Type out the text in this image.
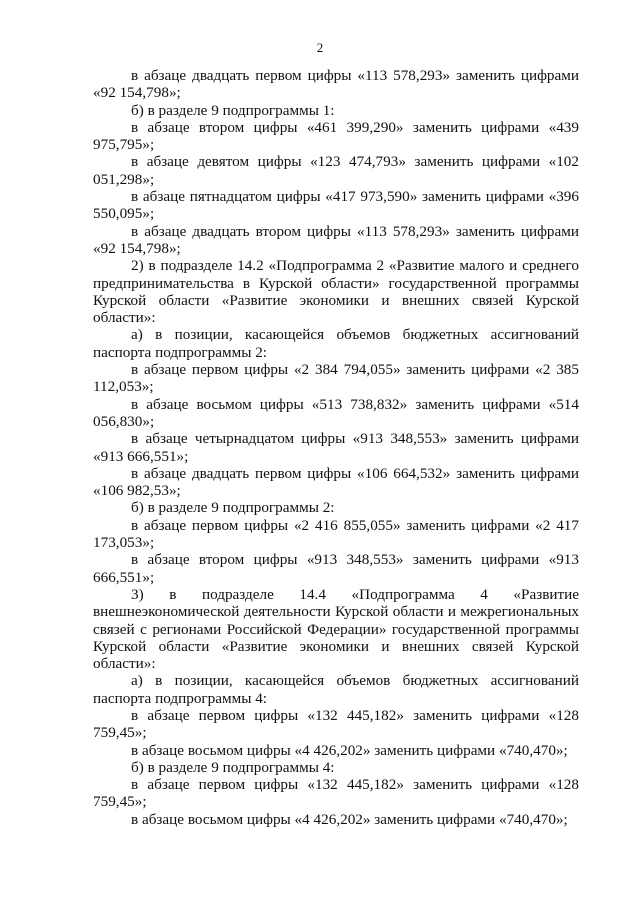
2

в абзаце двадцать первом цифры «113 578,293» заменить цифрами «92 154,798»;

б) в разделе 9 подпрограммы 1:

в абзаце втором цифры «461 399,290» заменить цифрами «439 975,795»;

в абзаце девятом цифры «123 474,793» заменить цифрами «102 051,298»;

в абзаце пятнадцатом цифры «417 973,590» заменить цифрами «396 550,095»;

в абзаце двадцать втором цифры «113 578,293» заменить цифрами «92 154,798»;

2) в подразделе 14.2 «Подпрограмма 2 «Развитие малого и среднего предпринимательства в Курской области» государственной программы Курской области «Развитие экономики и внешних связей Курской области»:

а) в позиции, касающейся объемов бюджетных ассигнований паспорта подпрограммы 2:

в абзаце первом цифры «2 384 794,055» заменить цифрами «2 385 112,053»;

в абзаце восьмом цифры «513 738,832» заменить цифрами «514 056,830»;

в абзаце четырнадцатом цифры «913 348,553» заменить цифрами «913 666,551»;

в абзаце двадцать первом цифры «106 664,532» заменить цифрами «106 982,53»;

б) в разделе 9 подпрограммы 2:

в абзаце первом цифры «2 416 855,055» заменить цифрами «2 417 173,053»;

в абзаце втором цифры «913 348,553» заменить цифрами «913 666,551»;

3) в подразделе 14.4 «Подпрограмма 4 «Развитие внешнеэкономической деятельности Курской области и межрегиональных связей с регионами Российской Федерации» государственной программы Курской области «Развитие экономики и внешних связей Курской области»:

а) в позиции, касающейся объемов бюджетных ассигнований паспорта подпрограммы 4:

в абзаце первом цифры «132 445,182» заменить цифрами «128 759,45»;

в абзаце восьмом цифры «4 426,202» заменить цифрами «740,470»;

б) в разделе 9 подпрограммы 4:

в абзаце первом цифры «132 445,182» заменить цифрами «128 759,45»;

в абзаце восьмом цифры «4 426,202» заменить цифрами «740,470»;
